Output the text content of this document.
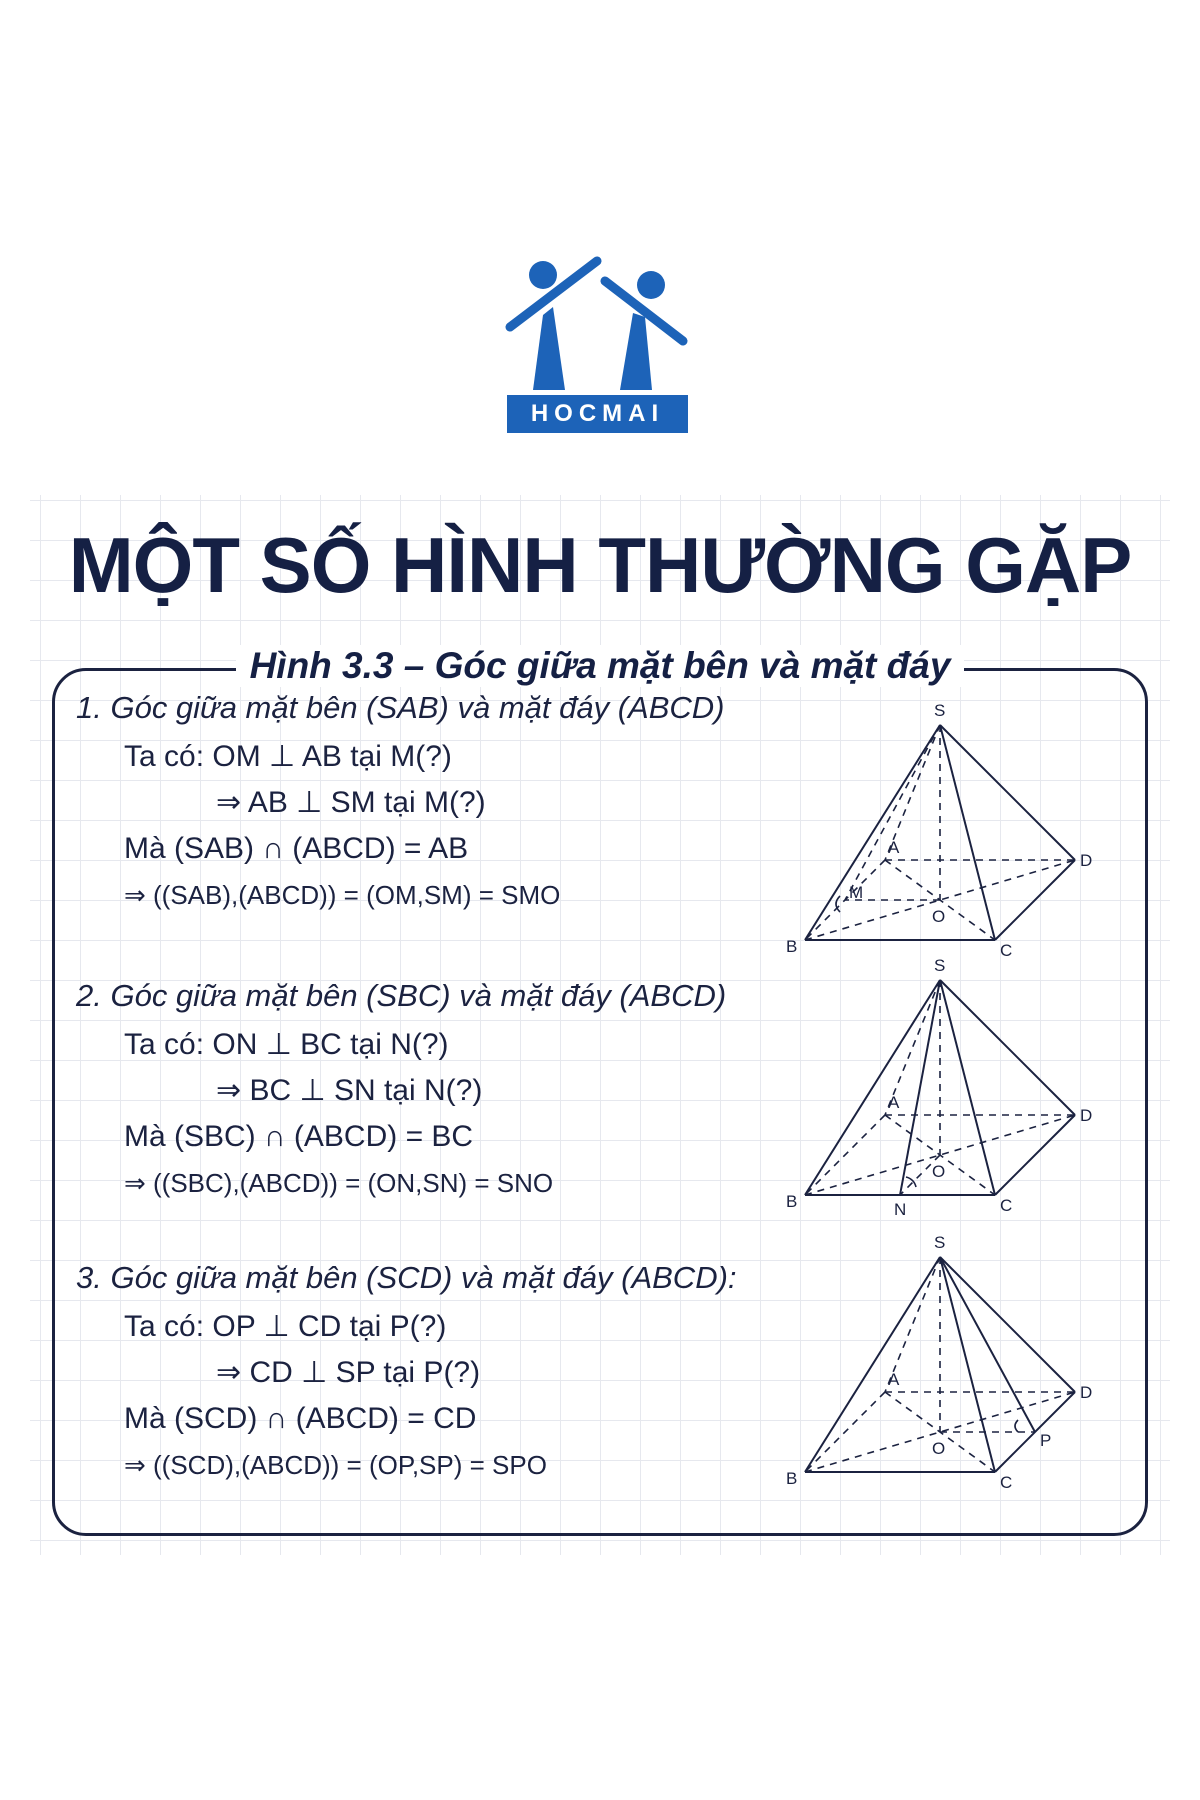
HOCMAI
MỘT SỐ HÌNH THƯỜNG GẶP
Hình 3.3 – Góc giữa mặt bên và mặt đáy
1. Góc giữa mặt bên (SAB) và mặt đáy (ABCD)
Ta có: OM ⊥ AB tại M(?)
⇒ AB ⊥ SM tại M(?)
Mà (SAB) ∩ (ABCD) = AB
⇒ ((SAB),(ABCD)) = (OM,SM) = SMO
2. Góc giữa mặt bên (SBC) và mặt đáy (ABCD)
Ta có: ON ⊥ BC tại N(?)
⇒ BC ⊥ SN tại N(?)
Mà (SBC) ∩ (ABCD) = BC
⇒ ((SBC),(ABCD)) = (ON,SN) = SNO
3. Góc giữa mặt bên (SCD) và mặt đáy (ABCD):
Ta có: OP ⊥ CD tại P(?)
⇒ CD ⊥ SP tại P(?)
Mà (SCD) ∩ (ABCD) = CD
⇒ ((SCD),(ABCD)) = (OP,SP) = SPO
S
A
B	C
D
O
M
S
A
B	C
D
O
N
S
A
B	C
D
O	P
